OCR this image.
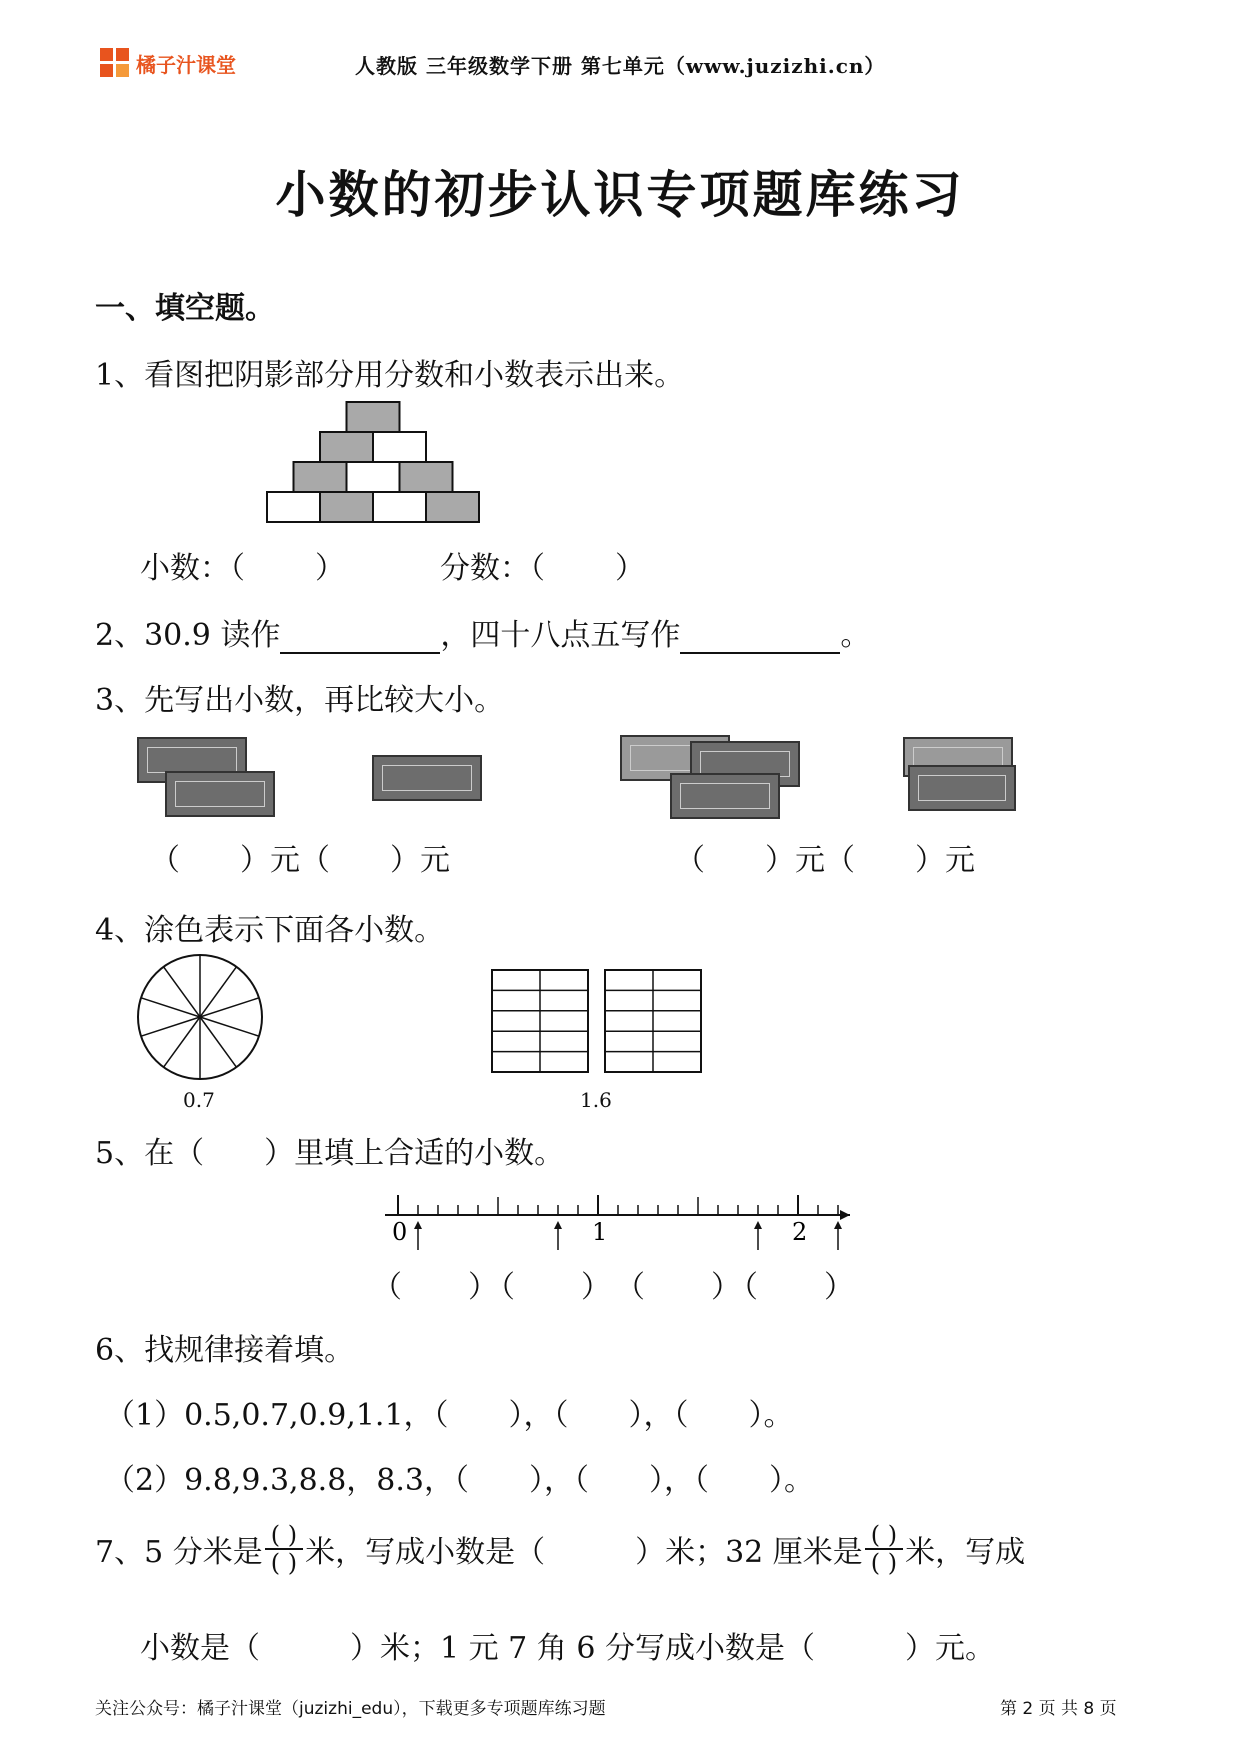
橘子汁课堂	人教版 三年级数学下册 第七单元（www.juzizhi.cn）
小数的初步认识专项题库练习
一、填空题。
1、看图把阴影部分用分数和小数表示出来。
小数：（ ）	分数：（ ）
2、30.9 读作	，四十八点五写作	。
3、先写出小数，再比较大小。
（　　）元（　　）元　　　　　　　　（　　）元（　　）元
4、涂色表示下面各小数。
0.7	1.6
5、在（　　）里填上合适的小数。
0	1	2
（　　）（　　）　（　　）（　　）
6、找规律接着填。
（1）0.5,0.7,0.9,1.1，（　　），（　　），（　　）。
（2）9.8,9.3,8.8，8.3，（　　），（　　），（　　）。
7、5 分米是 $\frac{( )}{( )}$ 米，写成小数是（　　　）米；32 厘米是 $\frac{( )}{( )}$ 米，写成
小数是（　　　）米；1 元 7 角 6 分写成小数是（　　　）元。
关注公众号：橘子汁课堂（juzizhi_edu），下载更多专项题库练习题	第 2 页 共 8 页
